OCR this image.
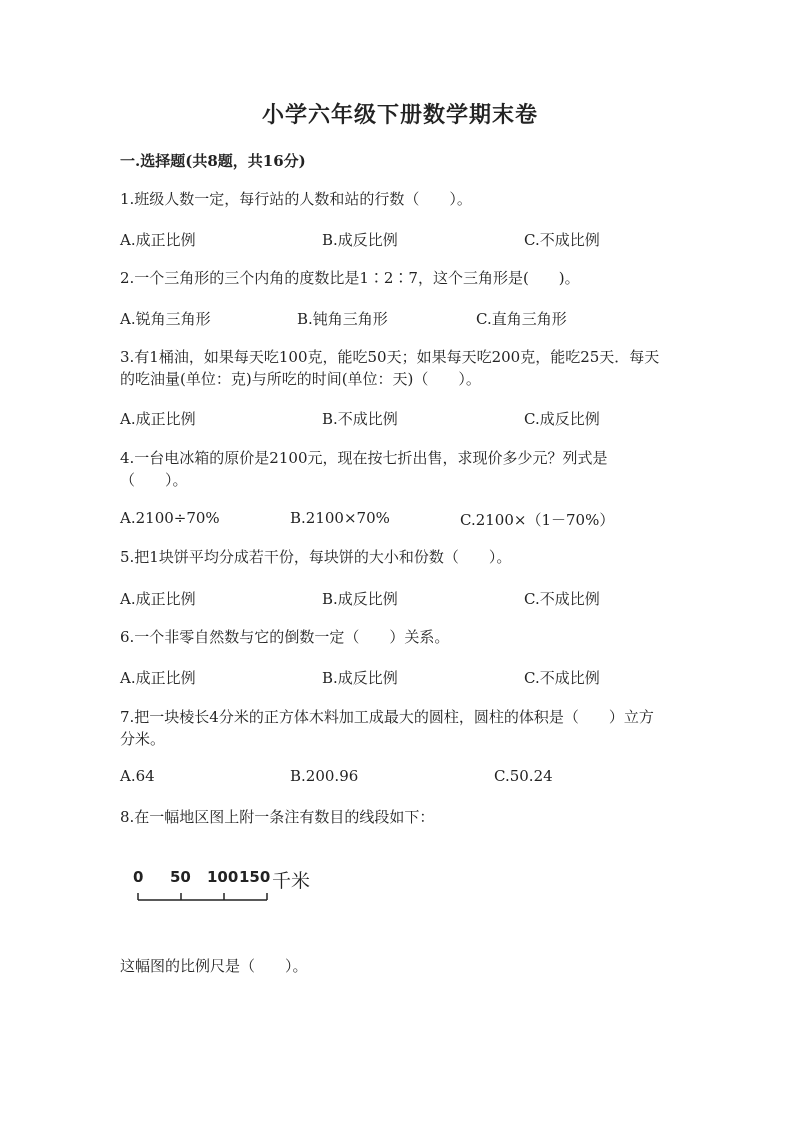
小学六年级下册数学期末卷
一.选择题(共8题，共16分)
1.班级人数一定，每行站的人数和站的行数（　　）。
A.成正比例	B.成反比例	C.不成比例
2.一个三角形的三个内角的度数比是1∶2∶7，这个三角形是(　　)。
A.锐角三角形	B.钝角三角形	C.直角三角形
3.有1桶油，如果每天吃100克，能吃50天；如果每天吃200克，能吃25天．每天的吃油量(单位：克)与所吃的时间(单位：天)（　　）。
A.成正比例	B.不成比例	C.成反比例
4.一台电冰箱的原价是2100元，现在按七折出售，求现价多少元？列式是（　　）。
A.2100÷70%	B.2100×70%	C.2100×（1－70%）
5.把1块饼平均分成若干份，每块饼的大小和份数（　　）。
A.成正比例	B.成反比例	C.不成比例
6.一个非零自然数与它的倒数一定（　　）关系。
A.成正比例	B.成反比例	C.不成比例
7.把一块棱长4分米的正方体木料加工成最大的圆柱，圆柱的体积是（　　）立方分米。
A.64	B.200.96	C.50.24
8.在一幅地区图上附一条注有数目的线段如下：
0 50 100 150 千米
这幅图的比例尺是（　　）。
